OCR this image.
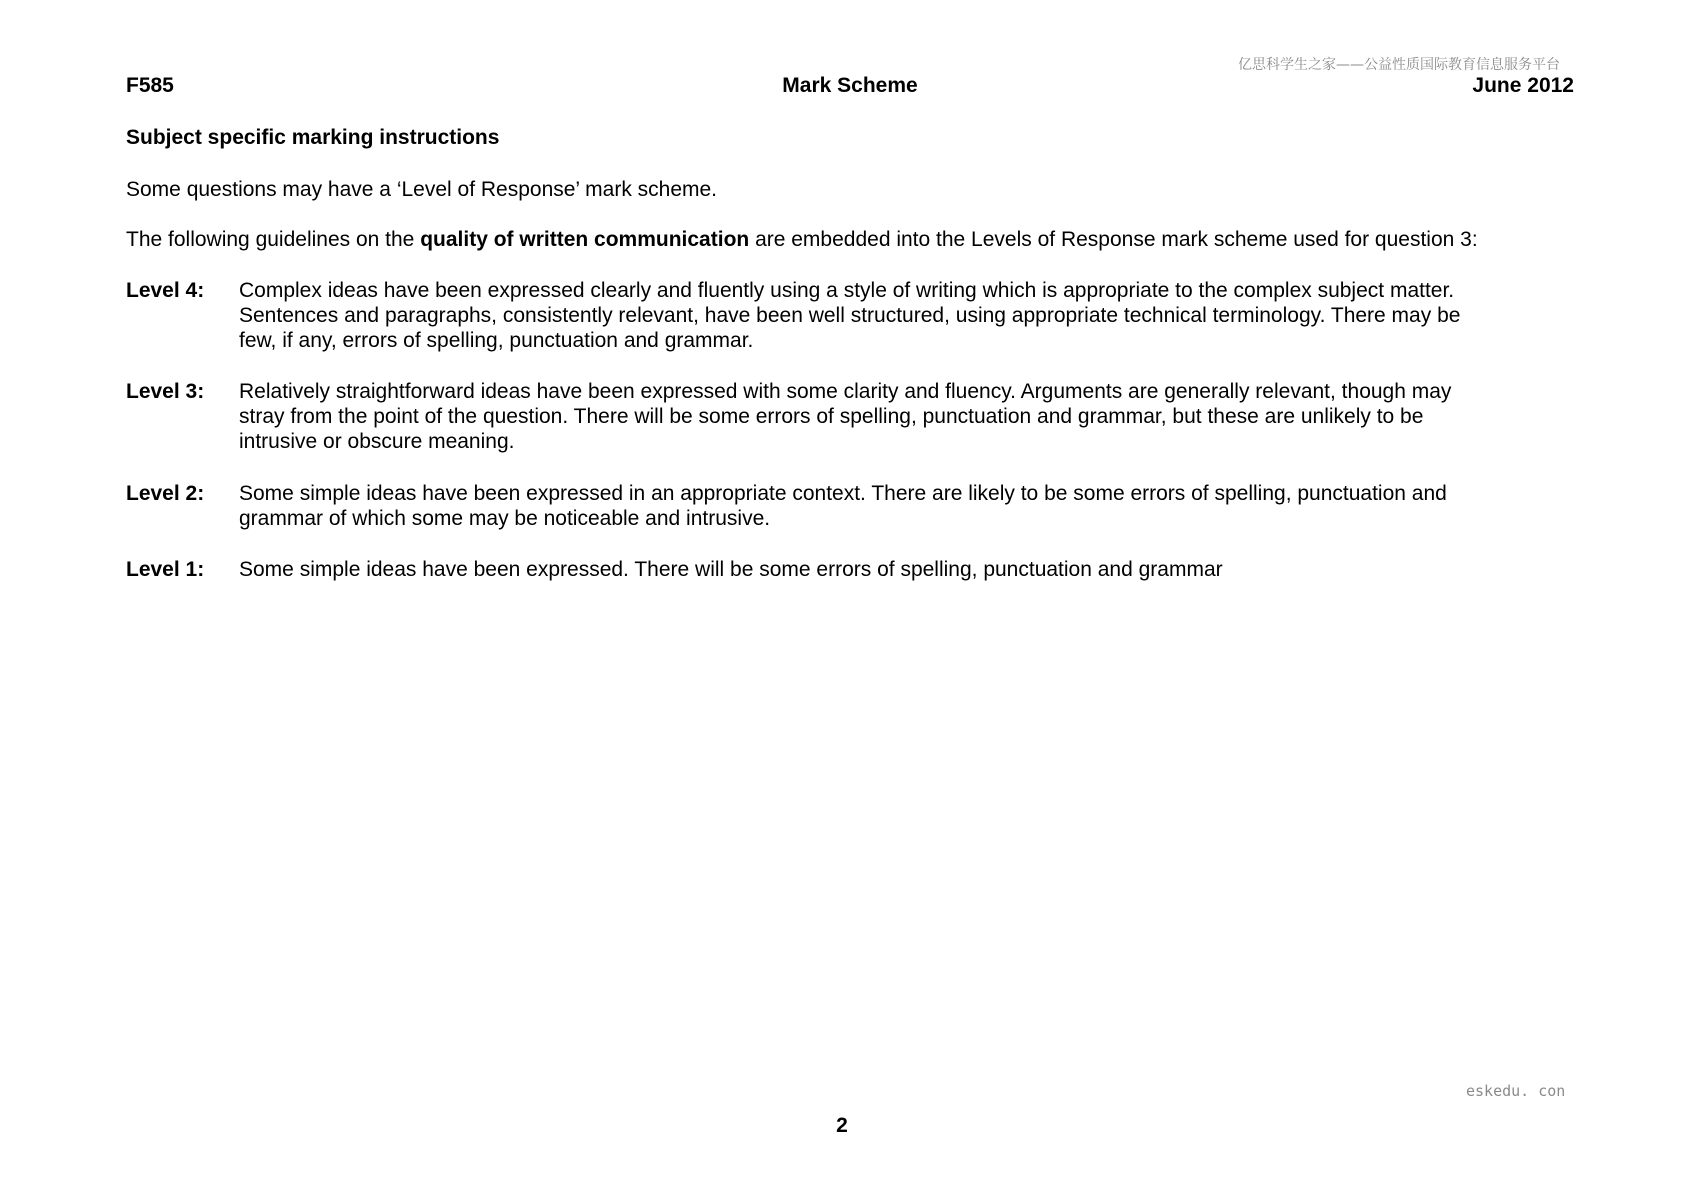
亿思科学生之家——公益性质国际教育信息服务平台
Mark Scheme
F585	June 2012
Subject specific marking instructions
Some questions may have a ‘Level of Response’ mark scheme.
The following guidelines on the quality of written communication are embedded into the Levels of Response mark scheme used for question 3:
Level 4: Complex ideas have been expressed clearly and fluently using a style of writing which is appropriate to the complex subject matter.
Sentences and paragraphs, consistently relevant, have been well structured, using appropriate technical terminology. There may be
few, if any, errors of spelling, punctuation and grammar.
Level 3: Relatively straightforward ideas have been expressed with some clarity and fluency. Arguments are generally relevant, though may
stray from the point of the question. There will be some errors of spelling, punctuation and grammar, but these are unlikely to be
intrusive or obscure meaning.
Level 2: Some simple ideas have been expressed in an appropriate context. There are likely to be some errors of spelling, punctuation and
grammar of which some may be noticeable and intrusive.
Level 1: Some simple ideas have been expressed. There will be some errors of spelling, punctuation and grammar
eskedu. con
2
